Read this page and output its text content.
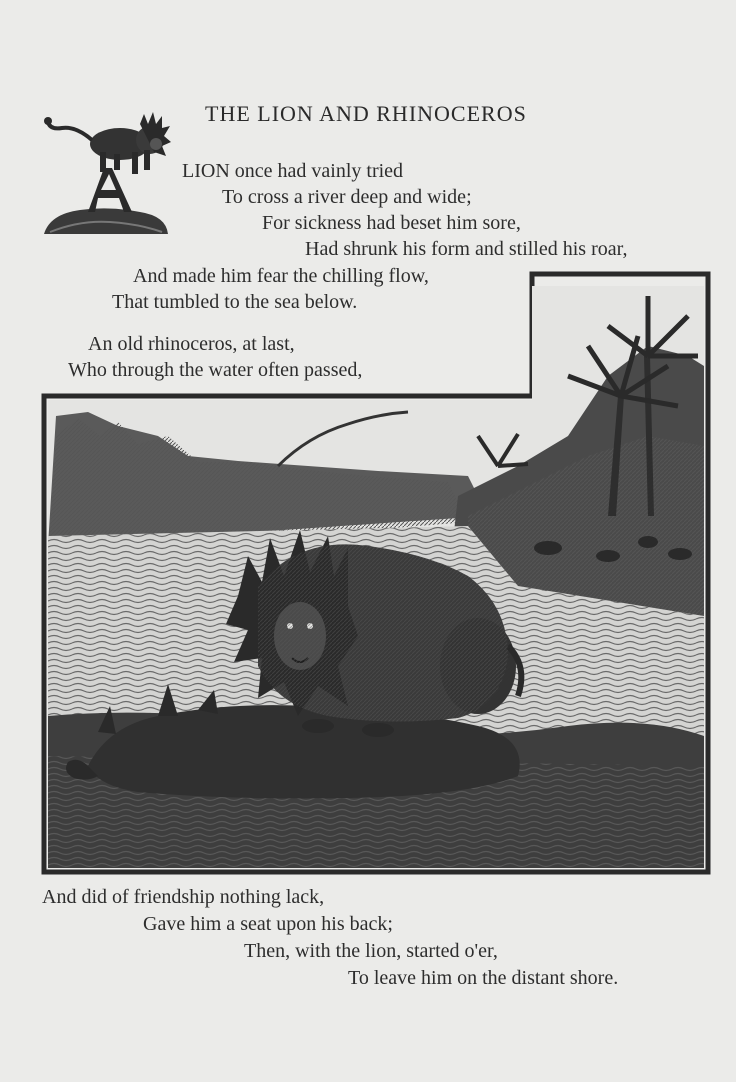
THE LION AND RHINOCEROS
LION once had vainly tried
To cross a river deep and wide;
For sickness had beset him sore,
Had shrunk his form and stilled his roar,
And made him fear the chilling flow,
That tumbled to the sea below.
An old rhinoceros, at last,
Who through the water often passed,
And did of friendship nothing lack,
Gave him a seat upon his back;
Then, with the lion, started o'er,
To leave him on the distant shore.
